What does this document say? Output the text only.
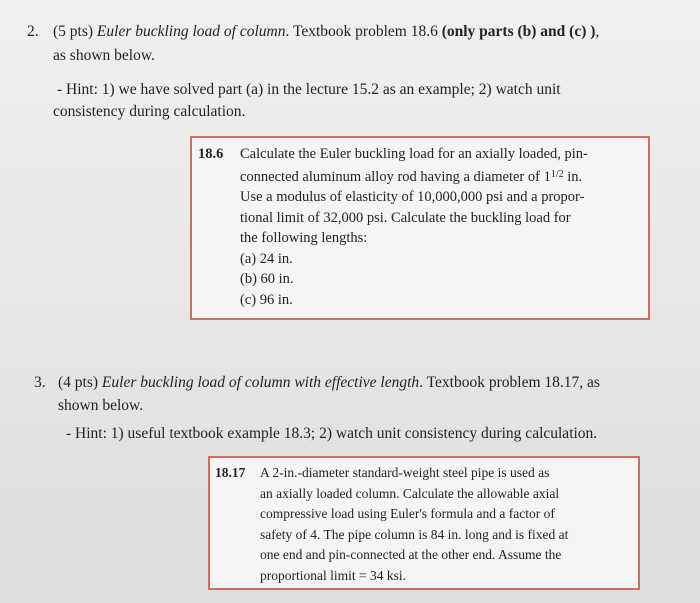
2. (5 pts) Euler buckling load of column. Textbook problem 18.6 (only parts (b) and (c) ),
as shown below.
- Hint: 1) we have solved part (a) in the lecture 15.2 as an example; 2) watch unit
consistency during calculation.
18.6 Calculate the Euler buckling load for an axially loaded, pin-
connected aluminum alloy rod having a diameter of $1^{1/2}$ in.
Use a modulus of elasticity of 10,000,000 psi and a propor-
tional limit of 32,000 psi. Calculate the buckling load for
the following lengths:
(a) 24 in.
(b) 60 in.
(c) 96 in.
3. (4 pts) Euler buckling load of column with effective length. Textbook problem 18.17, as
shown below.
- Hint: 1) useful textbook example 18.3; 2) watch unit consistency during calculation.
18.17 A 2-in.-diameter standard-weight steel pipe is used as
an axially loaded column. Calculate the allowable axial
compressive load using Euler's formula and a factor of
safety of 4. The pipe column is 84 in. long and is fixed at
one end and pin-connected at the other end. Assume the
proportional limit = 34 ksi.
